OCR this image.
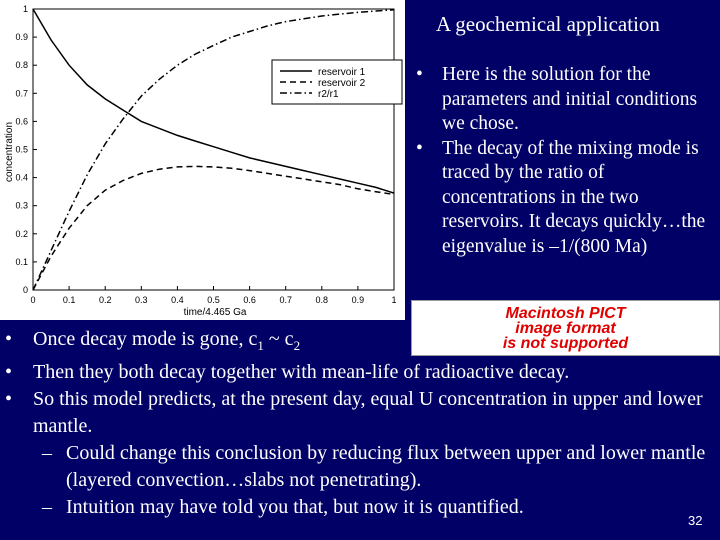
0	0.1	0.2	0.3	0.4	0.5	0.6	0.7	0.8	0.9	1
0
0.1
0.2
0.3
0.4
0.5
0.6
0.7
0.8
0.9
1
reservoir 1
reservoir 2
r2/r1
time/4.465 Ga
concentration
A geochemical application
• Here is the solution for the parameters and initial conditions we chose.
• The decay of the mixing mode is traced by the ratio of concentrations in the two reservoirs. It decays quickly…the eigenvalue is –1/(800 Ma)
Macintosh PICT
image format
is not supported
• Once decay mode is gone, $c_1$ ~ $c_2$
• Then they both decay together with mean-life of radioactive decay.
• So this model predicts, at the present day, equal U concentration in upper and lower mantle.
– Could change this conclusion by reducing flux between upper and lower mantle (layered convection…slabs not penetrating).
– Intuition may have told you that, but now it is quantified.
32
